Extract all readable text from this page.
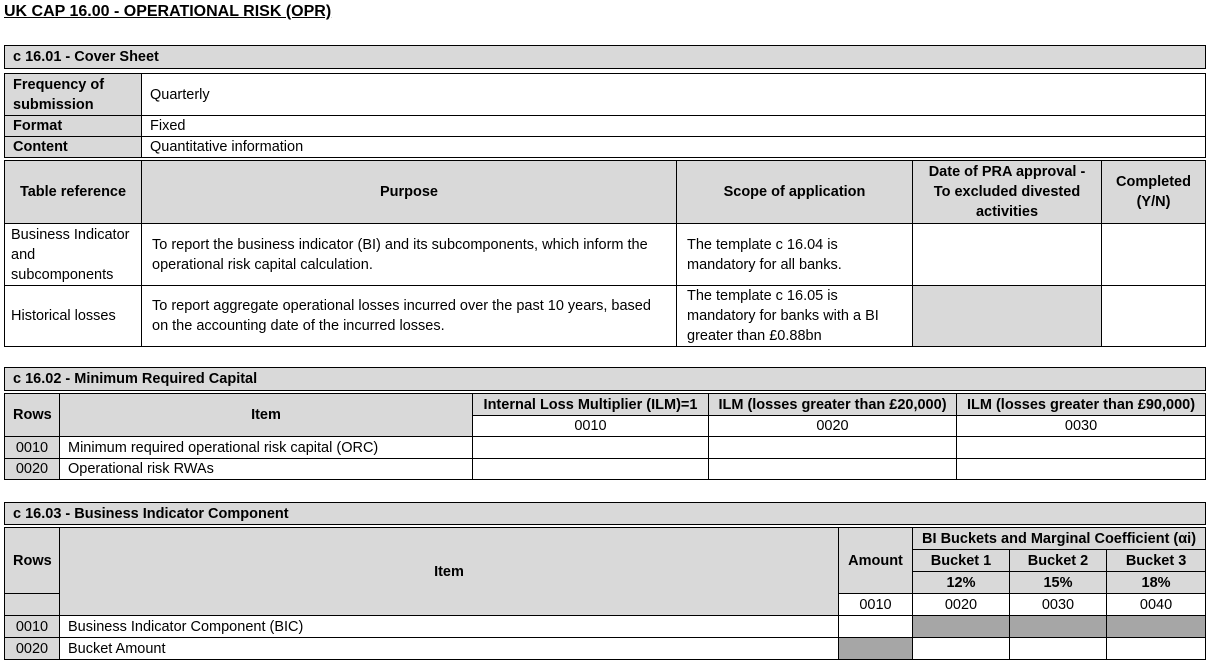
UK CAP 16.00 - OPERATIONAL RISK (OPR)
c 16.01 - Cover Sheet				

Frequency of submission	Quarterly			
Format	Fixed			
Content	Quantitative information			

Table reference	Purpose	Scope of application	Date of PRA approval - To excluded divested activities	Completed (Y/N)
Business Indicator and subcomponents	To report the business indicator (BI) and its subcomponents, which inform the operational risk capital calculation.	The template c 16.04 is mandatory for all banks.		
Historical losses	To report aggregate operational losses incurred over the past 10 years, based on the accounting date of the incurred losses.	The template c 16.05 is mandatory for banks with a BI greater than £0.88bn		
c 16.02 - Minimum Required Capital				

Rows	Item	Internal Loss Multiplier (ILM)=1	ILM (losses greater than £20,000)	ILM (losses greater than £90,000)
		0010	0020	0030
0010	Minimum required operational risk capital (ORC)			
0020	Operational risk RWAs			
c 16.03 - Business Indicator Component					

Rows	Item	Amount	BI Buckets and Marginal Coefficient (αi)		
			Bucket 1	Bucket 2	Bucket 3
			12%	15%	18%
		0010	0020	0030	0040
0010	Business Indicator Component (BIC)				
0020	Bucket Amount				
